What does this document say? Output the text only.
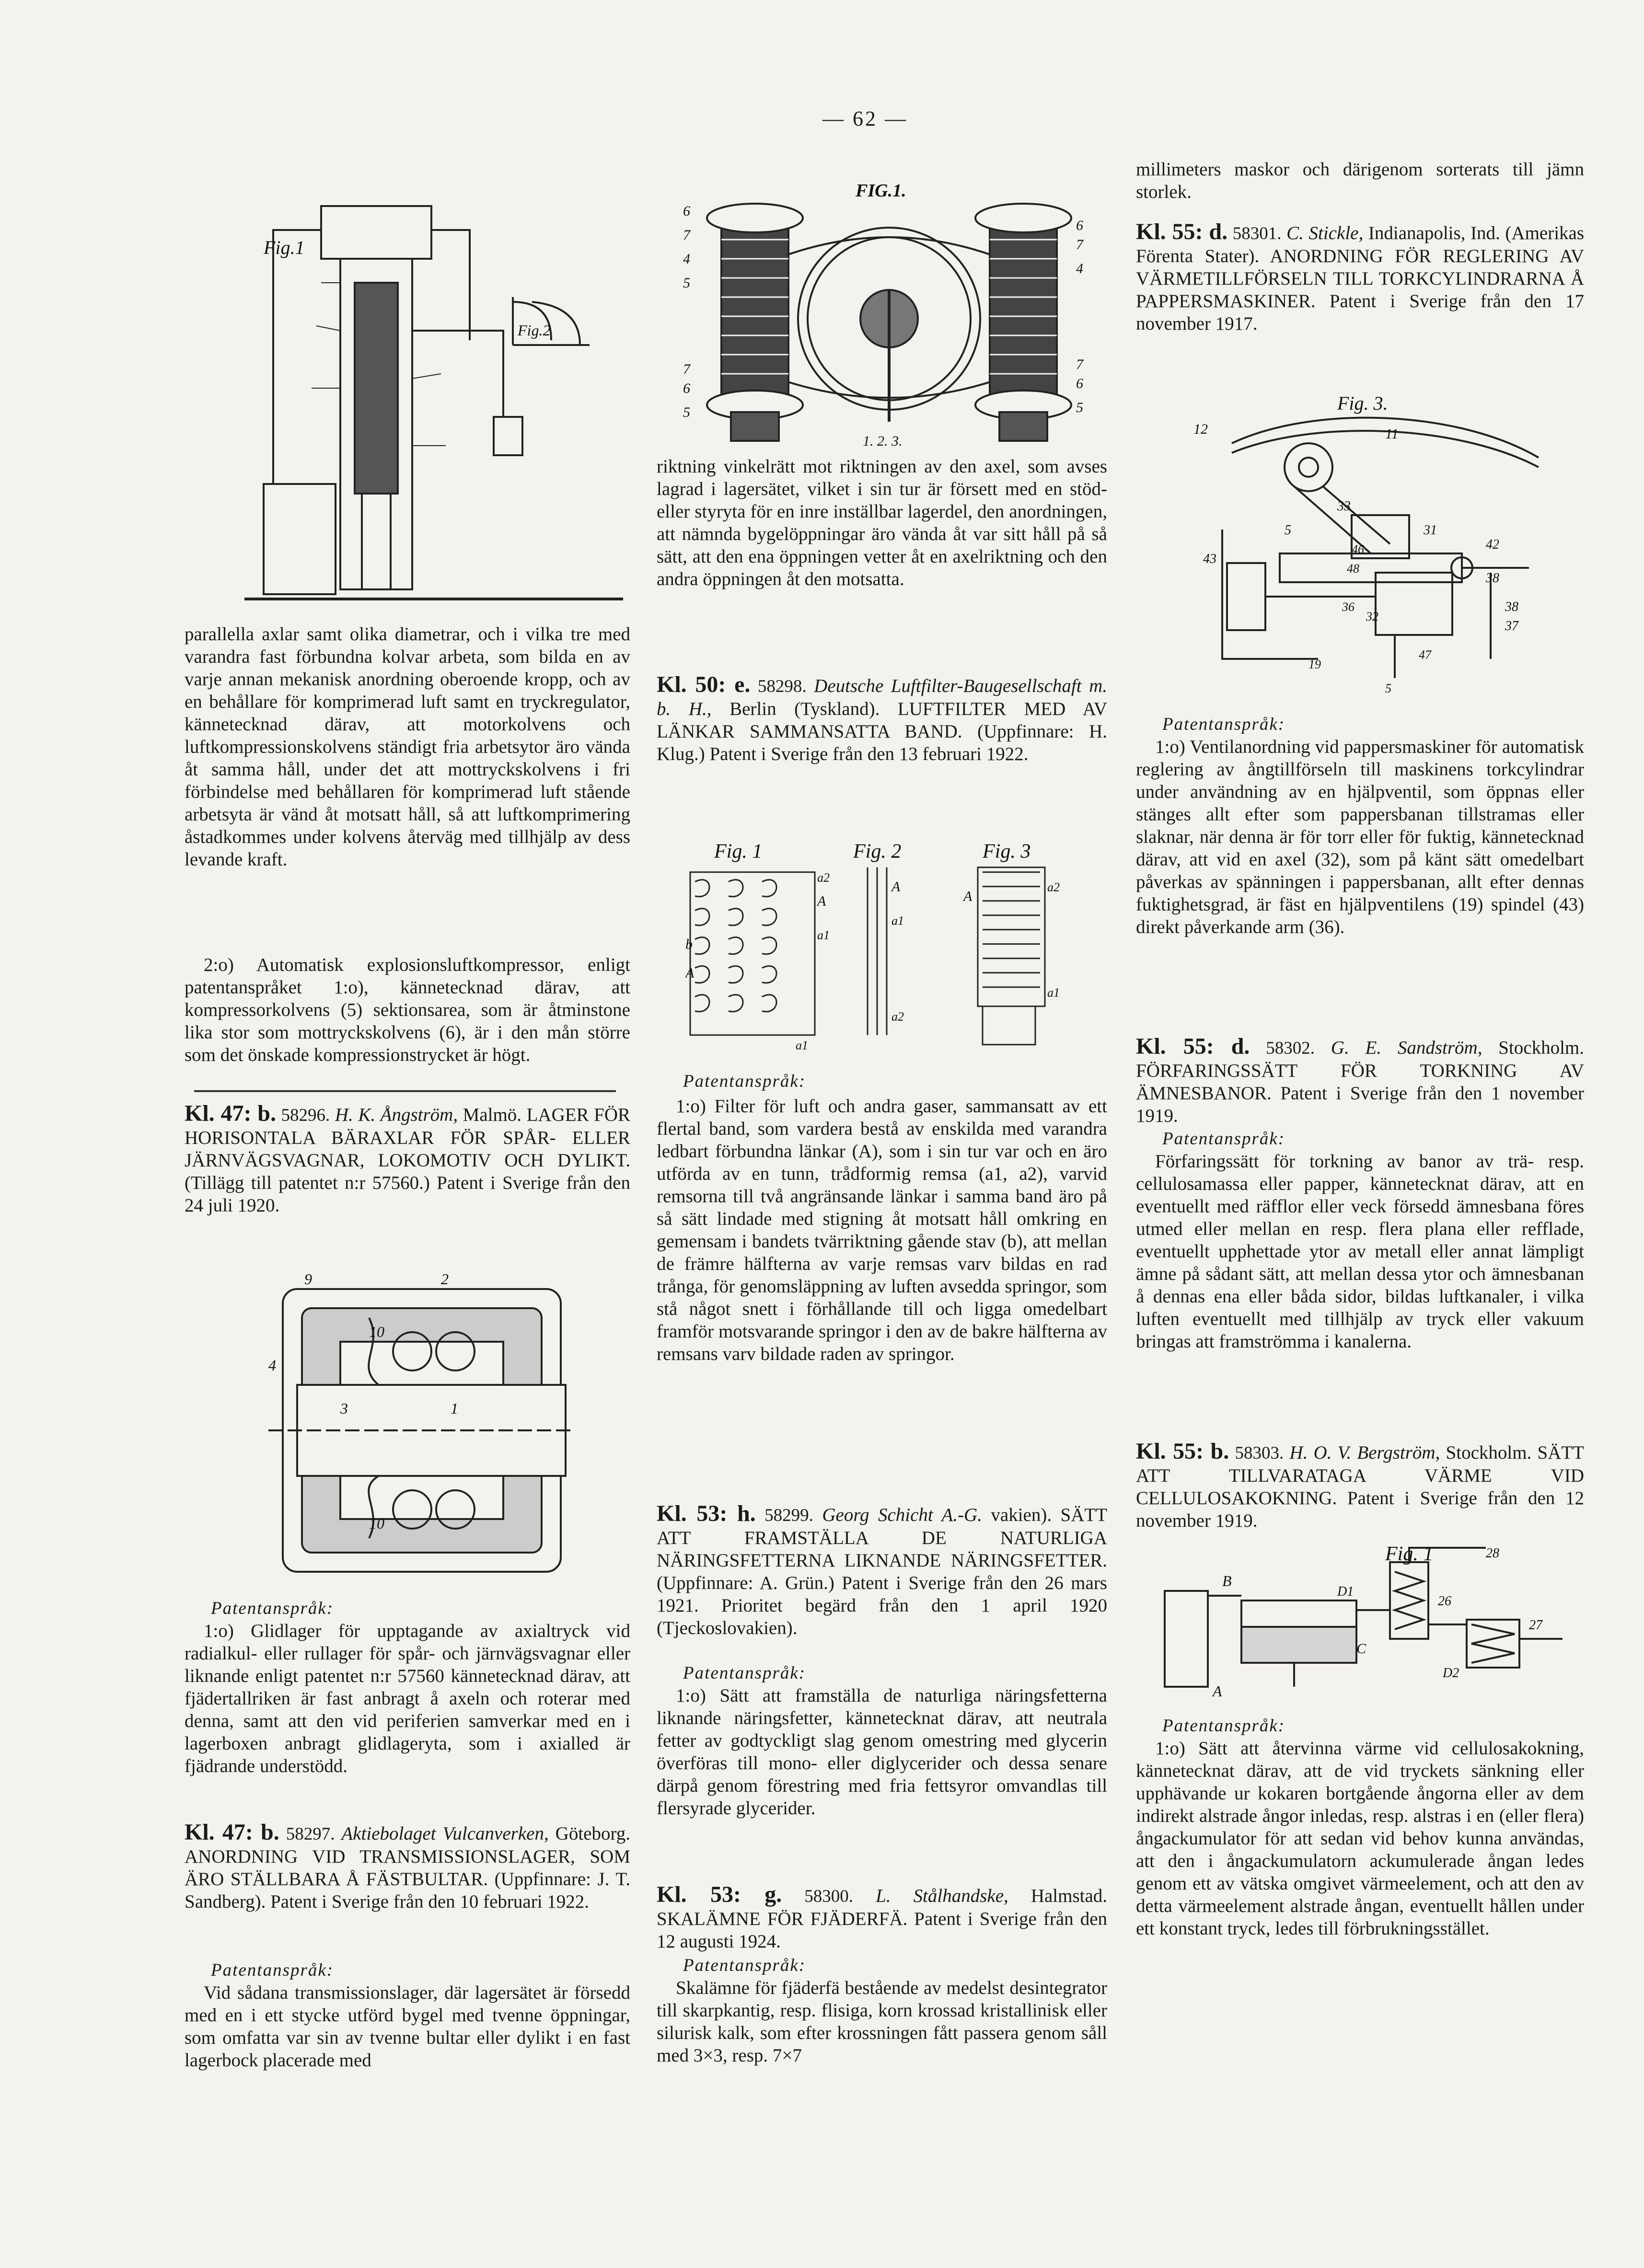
— 62 —
Fig.1
Fig.2

parallella axlar samt olika diametrar, och i vilka tre med varandra fast förbundna kolvar arbeta, som bilda en av varje annan mekanisk anordning oberoende kropp, och av en behållare för komprimerad luft samt en tryckregulator, kännetecknad därav, att motorkolvens och luftkompressionskolvens ständigt fria arbetsytor äro vända åt samma håll, under det att mottryckskolvens i fri förbindelse med behållaren för komprimerad luft stående arbetsyta är vänd åt motsatt håll, så att luftkomprimering åstadkommes under kolvens återväg med tillhjälp av dess levande kraft.

2:o) Automatisk explosionsluftkompressor, enligt patentanspråket 1:o), kännetecknad därav, att kompressorkolvens (5) sektionsarea, som är åtminstone lika stor som mottryckskolvens (6), är i den mån större som det önskade kompressionstrycket är högt.

Kl. 47: b. 58296. H. K. Ångström, Malmö. LAGER FÖR HORISONTALA BÄRAXLAR FÖR SPÅR- ELLER JÄRNVÄGSVAGNAR, LOKOMOTIV OCH DYLIKT. (Tillägg till patentet n:r 57560.) Patent i Sverige från den 24 juli 1920.

9	2
10
4
3	1
10

Patentanspråk:

1:o) Glidlager för upptagande av axialtryck vid radialkul- eller rullager för spår- och järnvägsvagnar eller liknande enligt patentet n:r 57560 kännetecknad därav, att fjädertallriken är fast anbragt å axeln och roterar med denna, samt att den vid periferien samverkar med en i lagerboxen anbragt glidlageryta, som i axialled är fjädrande understödd.

Kl. 47: b. 58297. Aktiebolaget Vulcanverken, Göteborg. ANORDNING VID TRANSMISSIONSLAGER, SOM ÄRO STÄLLBARA Å FÄSTBULTAR. (Uppfinnare: J. T. Sandberg). Patent i Sverige från den 10 februari 1922.

Patentanspråk:

Vid sådana transmissionslager, där lagersätet är försedd med en i ett stycke utförd bygel med tvenne öppningar, som omfatta var sin av tvenne bultar eller dylikt i en fast lagerbock placerade med

FIG.1.
6
7
4
5
7
6
5
6
7
4
7
6
5
1. 2. 3.

riktning vinkelrätt mot riktningen av den axel, som avses lagrad i lagersätet, vilket i sin tur är försett med en stöd- eller styryta för en inre inställbar lagerdel, den anordningen, att nämnda bygelöppningar äro vända åt var sitt håll på så sätt, att den ena öppningen vetter åt en axelriktning och den andra öppningen åt den motsatta.

Kl. 50: e. 58298. Deutsche Luftfilter-Baugesellschaft m. b. H., Berlin (Tyskland). LUFTFILTER MED AV LÄNKAR SAMMANSATTA BAND. (Uppfinnare: H. Klug.) Patent i Sverige från den 13 februari 1922.

Fig. 1	Fig. 2	Fig. 3
a2
A
a1
b
A
a1
A
a1
a2
A
a2
a1

Patentanspråk:

1:o) Filter för luft och andra gaser, sammansatt av ett flertal band, som vardera bestå av enskilda med varandra ledbart förbundna länkar (A), som i sin tur var och en äro utförda av en tunn, trådformig remsa (a1, a2), varvid remsorna till två angränsande länkar i samma band äro på så sätt lindade med stigning åt motsatt håll omkring en gemensam i bandets tvärriktning gående stav (b), att mellan de främre hälfterna av varje remsas varv bildas en rad trånga, för genomsläppning av luften avsedda springor, som stå något snett i förhållande till och ligga omedelbart framför motsvarande springor i den av de bakre hälfterna av remsans varv bildade raden av springor.

Kl. 53: h. 58299. Georg Schicht A.-G. vakien). SÄTT ATT FRAMSTÄLLA DE NATURLIGA NÄRINGSFETTERNA LIKNANDE NÄRINGSFETTER. (Uppfinnare: A. Grün.) Patent i Sverige från den 26 mars 1921. Prioritet begärd från den 1 april 1920 (Tjeckoslovakien).

Patentanspråk:

1:o) Sätt att framställa de naturliga näringsfetterna liknande näringsfetter, kännetecknat därav, att neutrala fetter av godtyckligt slag genom omestring med glycerin överföras till mono- eller diglycerider och dessa senare därpå genom förestring med fria fettsyror omvandlas till flersyrade glycerider.

Kl. 53: g. 58300. L. Stålhandske, Halmstad. SKALÄMNE FÖR FJÄDERFÄ. Patent i Sverige från den 12 augusti 1924.

Patentanspråk:

Skalämne för fjäderfä bestående av medelst desintegrator till skarpkantig, resp. flisiga, korn krossad kristallinisk eller silurisk kalk, som efter krossningen fått passera genom såll med 3×3, resp. 7×7

millimeters maskor och därigenom sorterats till jämn storlek.

Kl. 55: d. 58301. C. Stickle, Indianapolis, Ind. (Amerikas Förenta Stater). ANORDNING FÖR REGLERING AV VÄRMETILLFÖRSELN TILL TORKCYLINDRARNA Å PAPPERSMASKINER. Patent i Sverige från den 17 november 1917.

Fig. 3.
12	11
33
5	31
42
43
46
48
38
38
37
36
32
19
47
5

Patentanspråk:

1:o) Ventilanordning vid pappersmaskiner för automatisk reglering av ångtillförseln till maskinens torkcylindrar under användning av en hjälpventil, som öppnas eller stänges allt efter som pappersbanan tillstramas eller slaknar, när denna är för torr eller för fuktig, kännetecknad därav, att vid en axel (32), som på känt sätt omedelbart påverkas av spänningen i pappersbanan, allt efter dennas fuktighetsgrad, är fäst en hjälpventilens (19) spindel (43) direkt påverkande arm (36).

Kl. 55: d. 58302. G. E. Sandström, Stockholm. FÖRFARINGSSÄTT FÖR TORKNING AV ÄMNESBANOR. Patent i Sverige från den 1 november 1919.

Patentanspråk:

Förfaringssätt för torkning av banor av trä- resp. cellulosamassa eller papper, kännetecknat därav, att en eventuellt med räfflor eller veck försedd ämnesbana föres utmed eller mellan en resp. flera plana eller refflade, eventuellt upphettade ytor av metall eller annat lämpligt ämne på sådant sätt, att mellan dessa ytor och ämnesbanan å dennas ena eller båda sidor, bildas luftkanaler, i vilka luften eventuellt med tillhjälp av tryck eller vakuum bringas att framströmma i kanalerna.

Kl. 55: b. 58303. H. O. V. Bergström, Stockholm. SÄTT ATT TILLVARATAGA VÄRME VID CELLULOSAKOKNING. Patent i Sverige från den 12 november 1919.

Fig. 1	28
B
D1
26
27
C
D2
A

Patentanspråk:

1:o) Sätt att återvinna värme vid cellulosakokning, kännetecknat därav, att de vid tryckets sänkning eller upphävande ur kokaren bortgående ångorna eller av dem indirekt alstrade ångor inledas, resp. alstras i en (eller flera) ångackumulator för att sedan vid behov kunna användas, att den i ångackumulatorn ackumulerade ångan ledes genom ett av vätska omgivet värmeelement, och att den av detta värmeelement alstrade ångan, eventuellt hållen under ett konstant tryck, ledes till förbrukningsstället.
